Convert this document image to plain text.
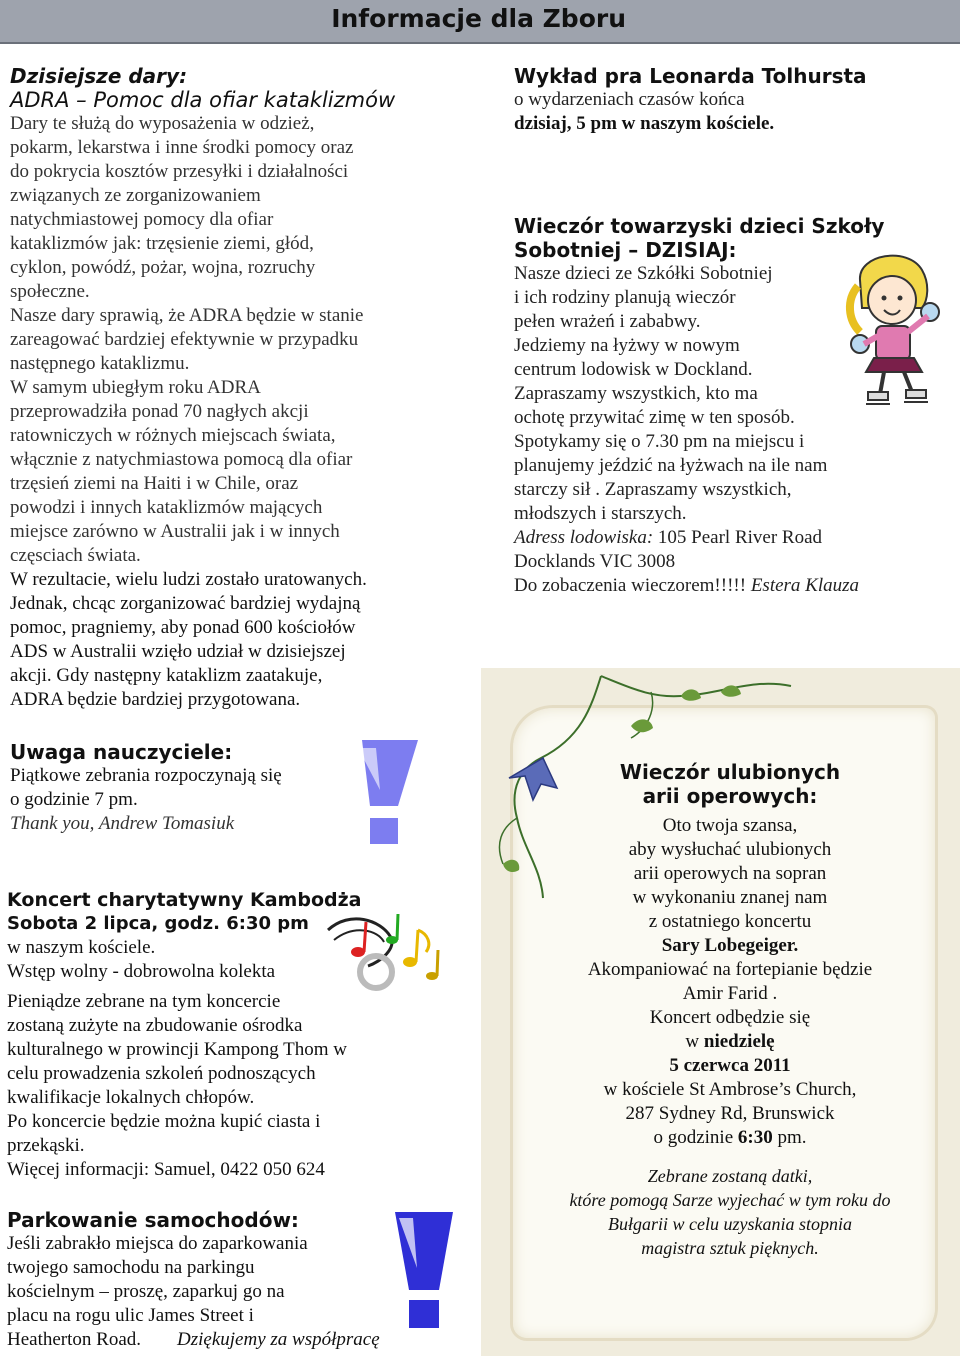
Informacje dla Zboru
Dzisiejsze dary:
ADRA – Pomoc dla ofiar kataklizmów
Dary te służą do wyposażenia w odzież,
pokarm, lekarstwa i inne środki pomocy oraz
do pokrycia kosztów przesyłki i działalności
związanych ze zorganizowaniem
natychmiastowej pomocy dla ofiar
kataklizmów jak: trzęsienie ziemi, głód,
cyklon, powódź, pożar, wojna, rozruchy
społeczne.
Nasze dary sprawią, że ADRA będzie w stanie
zareagować bardziej efektywnie w przypadku
następnego kataklizmu.
W samym ubiegłym roku ADRA
przeprowadziła ponad 70 nagłych akcji
ratowniczych w różnych miejscach świata,
włącznie z natychmiastowa pomocą dla ofiar
trzęsień ziemi na Haiti i w Chile, oraz
powodzi i innych kataklizmów mających
miejsce zarówno w Australii jak i w innych
częsciach świata.
W rezultacie, wielu ludzi zostało uratowanych.
Jednak, chcąc zorganizować bardziej wydajną
pomoc, pragniemy, aby ponad 600 kościołów
ADS w Australii wzięło udział w dzisiejszej
akcji. Gdy następny kataklizm zaatakuje,
ADRA będzie bardziej przygotowana.
Uwaga nauczyciele:
Piątkowe zebrania rozpoczynają się
o godzinie 7 pm.
Thank you, Andrew Tomasiuk
Koncert charytatywny Kambodża
Sobota 2 lipca, godz. 6:30 pm
w naszym kościele.
Wstęp wolny - dobrowolna kolekta
Pieniądze zebrane na tym koncercie
zostaną zużyte na zbudowanie ośrodka
kulturalnego w prowincji Kampong Thom w
celu prowadzenia szkoleń podnoszących
kwalifikacje lokalnych chłopów.
Po koncercie będzie można kupić ciasta i
przekąski.
Więcej informacji: Samuel, 0422 050 624
Parkowanie samochodów:
Jeśli zabrakło miejsca do zaparkowania
twojego samochodu na parkingu
kościelnym – proszę, zaparkuj go na
placu na rogu ulic James Street i
Heatherton Road. Dziękujemy za współpracę
Wykład pra Leonarda Tolhursta
o wydarzeniach czasów końca
dzisiaj, 5 pm w naszym kościele.
Wieczór towarzyski dzieci Szkoły
Sobotniej – DZISIAJ:
Nasze dzieci ze Szkółki Sobotniej
i ich rodziny planują wieczór
pełen wrażeń i zababwy.
Jedziemy na łyżwy w nowym
centrum lodowisk w Dockland.
Zapraszamy wszystkich, kto ma
ochotę przywitać zimę w ten sposób.
Spotykamy się o 7.30 pm na miejscu i
planujemy jeździć na łyżwach na ile nam
starczy sił . Zapraszamy wszystkich,
młodszych i starszych.
Adress lodowiska: 105 Pearl River Road
Docklands VIC 3008
Do zobaczenia wieczorem!!!!! Estera Klauza
Wieczór ulubionych
arii operowych:
Oto twoja szansa,
aby wysłuchać ulubionych
arii operowych na sopran
w wykonaniu znanej nam
z ostatniego koncertu
Sary Lobegeiger.
Akompaniować na fortepianie będzie
Amir Farid .
Koncert odbędzie się
w niedzielę
5 czerwca 2011
w kościele St Ambrose’s Church,
287 Sydney Rd, Brunswick
o godzinie 6:30 pm.
Zebrane zostaną datki,
które pomogą Sarze wyjechać w tym roku do
Bułgarii w celu uzyskania stopnia
magistra sztuk pięknych.
